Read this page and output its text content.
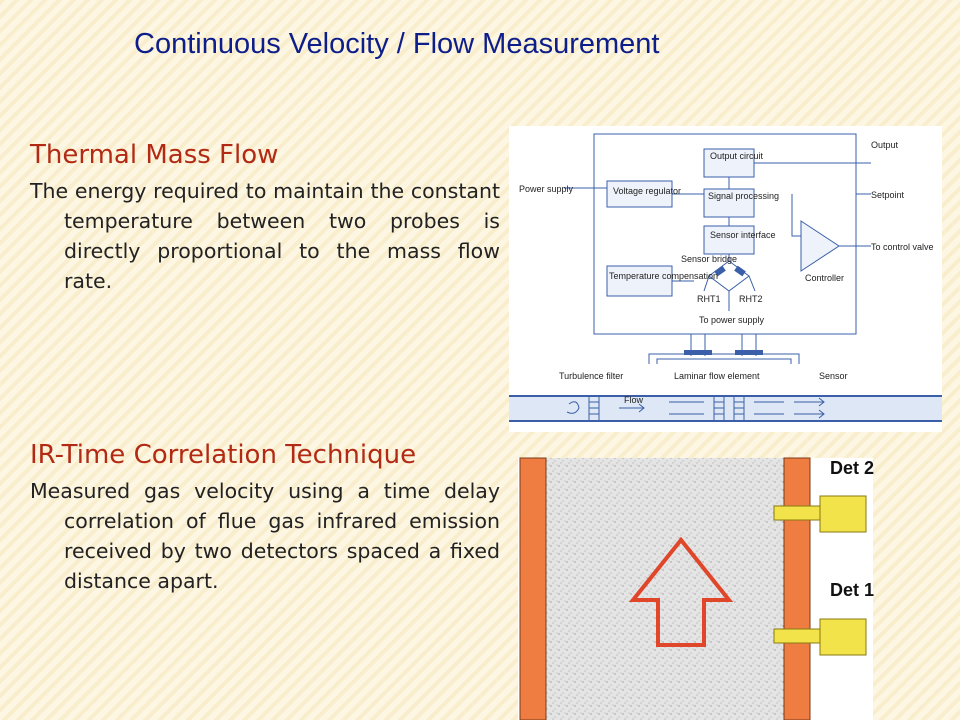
Continuous Velocity / Flow Measurement
Thermal Mass Flow

The energy required to maintain the constant temperature between two probes is directly proportional to the mass flow rate.

IR-Time Correlation Technique

Measured gas velocity using a time delay correlation of flue gas infrared emission received by two detectors spaced a fixed distance apart.

Output circuit
Power supply	Voltage regulator	Signal processing
Sensor interface
Sensor bridge
Temperature compensation
RHT1 RHT2
To power supply
Output
Setpoint
To control valve
Controller
Turbulence filter	Laminar flow element	Sensor
Flow
Det 2
Det 1
